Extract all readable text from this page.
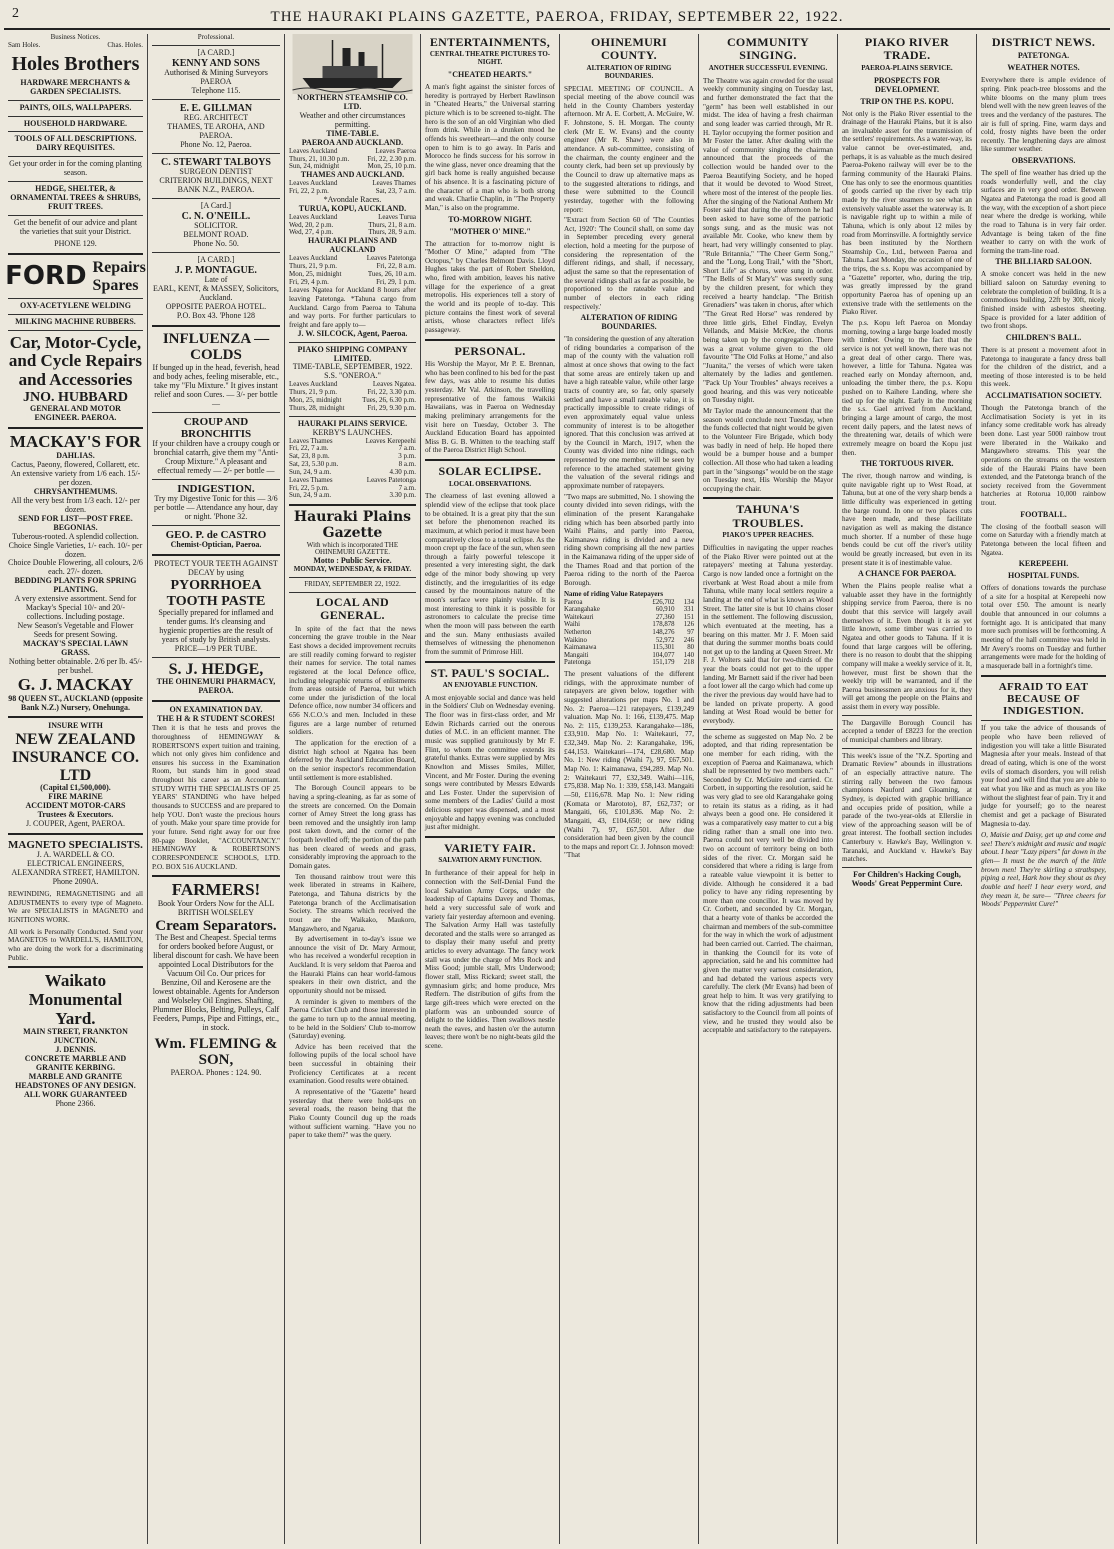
2	THE HAURAKI PLAINS GAZETTE, PAEROA, FRIDAY, SEPTEMBER 22, 1922.
Business Notices.
Sam Holes.	Chas. Holes.
Holes Brothers
HARDWARE MERCHANTS &
GARDEN SPECIALISTS.
PAINTS, OILS, WALLPAPERS.
HOUSEHOLD HARDWARE.
TOOLS OF ALL DESCRIPTIONS. DAIRY REQUISITES.
Get your order in for the coming planting season.
HEDGE, SHELTER, & ORNAMENTAL TREES & SHRUBS, FRUIT TREES.
Get the benefit of our advice and plant the varieties that suit your District.
PHONE 129.
FORD Repairs
Spares
OXY-ACETYLENE WELDING
MILKING MACHINE RUBBERS.
Car, Motor-Cycle, and Cycle Repairs and Accessories
JNO. HUBBARD
GENERAL AND MOTOR ENGINEER. PAEROA.
MACKAY'S FOR
DAHLIAS.
Cactus, Paeony, flowered, Collarett, etc.
An extensive variety from 1/6 each. 15/- per dozen.
CHRYSANTHEMUMS.
All the very best from 1/3 each. 12/- per dozen.
SEND FOR LIST—POST FREE.
BEGONIAS.
Tuberous-rooted. A splendid collection.
Choice Single Varieties, 1/- each. 10/- per dozen.
Choice Double Flowering, all colours, 2/6 each. 27/- dozen.
BEDDING PLANTS FOR SPRING PLANTING.
A very extensive assortment. Send for Mackay's Special 10/- and 20/- collections. Including postage.
New Season's Vegetable and Flower Seeds for present Sowing.
MACKAY'S SPECIAL LAWN GRASS.
Nothing better obtainable. 2/6 per lb. 45/- per bushel.
G. J. MACKAY
98 QUEEN ST., AUCKLAND (opposite Bank N.Z.) Nursery, Onehunga.
INSURE WITH
NEW ZEALAND INSURANCE CO. LTD
(Capital £1,500,000).
FIRE MARINE
ACCIDENT MOTOR-CARS
Trustees & Executors.
J. COUPER, Agent, PAEROA.
MAGNETO SPECIALISTS.
J. A. WARDELL & CO.
ELECTRICAL ENGINEERS, ALEXANDRA STREET, HAMILTON.
Phone 2090A.
REWINDING, REMAGNETISING and all ADJUSTMENTS to every type of Magneto. We are SPECIALISTS in MAGNETO and IGNITIONS WORK.
All work is Personally Conducted. Send your MAGNETOS to WARDELL'S, HAMILTON, who are doing the work for a discriminating Public.
Waikato Monumental Yard.
MAIN STREET, FRANKTON JUNCTION.
J. DENNIS.
CONCRETE MARBLE AND GRANITE KERBING.
MARBLE AND GRANITE HEADSTONES OF ANY DESIGN.
ALL WORK GUARANTEED
Phone 2366.
Professional.
[A CARD.]
KENNY AND SONS
Authorised & Mining Surveyors
PAEROA
Telephone 115.
E. E. GILLMAN
REG. ARCHITECT
THAMES, TE AROHA, AND PAEROA.
Phone No. 12, Paeroa.
C. STEWART TALBOYS
SURGEON DENTIST
CRITERION BUILDINGS, NEXT BANK N.Z., PAEROA.
[A Card.]
C. N. O'NEILL.
SOLICITOR.
BELMONT ROAD.
Phone No. 50.
[A CARD.]
J. P. MONTAGUE.
Late of
EARL, KENT, & MASSEY, Solicitors, Auckland.
OPPOSITE PAEROA HOTEL.
P.O. Box 43. 'Phone 128
INFLUENZA — COLDS
If bunged up in the head, feverish, head and body aches, feeling miserable, etc., take my "Flu Mixture." It gives instant relief and soon Cures. — 3/- per bottle —
CROUP AND BRONCHITIS
If your children have a croupy cough or bronchial catarrh, give them my "Anti-Croup Mixture." A pleasant and effectual remedy — 2/- per bottle —
INDIGESTION.
Try my Digestive Tonic for this — 3/6 per bottle — Attendance any hour, day or night. 'Phone 32.
GEO. P. de CASTRO
Chemist-Optician, Paeroa.
PROTECT YOUR TEETH AGAINST DECAY by using
PYORRHOEA TOOTH PASTE
Specially prepared for inflamed and tender gums. It's cleansing and hygienic properties are the result of years of study by British analysts. PRICE—1/9 PER TUBE.
S. J. HEDGE,
THE OHINEMURI PHARMACY, PAEROA.
ON EXAMINATION DAY.
THE H & R STUDENT SCORES!
Then it is that he tests and proves the thoroughness of HEMINGWAY & ROBERTSON'S expert tuition and training, which not only gives him confidence and ensures his success in the Examination Room, but stands him in good stead throughout his career as an Accountant. STUDY WITH THE SPECIALISTS OF 25 YEARS' STANDING who have helped thousands to SUCCESS and are prepared to help YOU. Don't waste the precious hours of youth. Make your spare time provide for your future. Send right away for our free 80-page Booklet, "ACCOUNTANCY." HEMINGWAY & ROBERTSON'S CORRESPONDENCE SCHOOLS, LTD. P.O. BOX 516 AUCKLAND.
FARMERS!
Book Your Orders Now for the ALL BRITISH WOLSELEY
Cream Separators.
The Best and Cheapest. Special terms for orders booked before August, or liberal discount for cash. We have been appointed Local Distributors for the Vacuum Oil Co. Our prices for Benzine, Oil and Kerosene are the lowest obtainable. Agents for Anderson and Wolseley Oil Engines. Shafting, Plummer Blocks, Belting, Pulleys, Calf Feeders, Pumps, Pipe and Fittings, etc., in stock.
Wm. FLEMING & SON,
PAEROA. Phones : 124. 90.
NORTHERN STEAMSHIP CO. LTD.
Weather and other circumstances permitting.
TIME-TABLE.
PAEROA AND AUCKLAND.
Leaves Auckland	Leaves Paeroa
Thurs, 21, 10.30 p.m.	Fri, 22, 2.30 p.m.
Sun, 24, midnight	Mon, 25, 10 p.m.
THAMES AND AUCKLAND.
Leaves Auckland	Leaves Thames
Fri, 22, 2 p.m.	Sat, 23, 7 a.m.
*Avondale Races.
TURUA, KOPU, AUCKLAND.
Leaves Auckland	Leaves Turua
Wed, 20, 2 p.m.	Thurs, 21, 8 a.m.
Wed, 27, 4 p.m.	Thurs, 28, 9 a.m.
HAURAKI PLAINS AND AUCKLAND
Leaves Auckland	Leaves Patetonga
Thurs, 21, 9 p.m.	Fri, 22, 8 a.m.
Mon, 25, midnight	Tues, 26, 10 a.m.
Fri, 29, 4 p.m.	Fri, 29, 1 p.m.
Leaves Ngatea for Auckland 8 hours after leaving Patetonga. *Tahuna cargo from Auckland. Cargo from Paeroa to Tahuna and way ports. For further particulars to freight and fare apply to—
J. W. SILCOCK, Agent, Paeroa.
PIAKO SHIPPING COMPANY LIMITED.
TIME-TABLE, SEPTEMBER, 1922. S.S. "ONEROA."
Leaves Auckland	Leaves Ngatea.
Thurs, 21, 9 p.m.	Fri, 22, 3.30 p.m.
Mon, 25, midnight	Tues, 26, 6.30 p.m.
Thurs, 28, midnight	Fri, 29, 9.30 p.m.
HAURAKI PLAINS SERVICE.
KERBY'S LAUNCHES.
Leaves Thames	Leaves Kerepeehi
Fri, 22, 7 a.m.	7 a.m.
Sat, 23, 8 p.m.	3 p.m.
Sat, 23, 5.30 p.m.	8 a.m.
Sun, 24, 9 a.m.	4.30 p.m.
Leaves Thames	Leaves Patetonga
Fri, 22, 5 p.m.	7 a.m.
Sun, 24, 9 a.m.	3.30 p.m.
Hauraki Plains Gazette
With which is incorporated THE OHINEMURI GAZETTE.
Motto : Public Service.
MONDAY, WEDNESDAY, & FRIDAY.
FRIDAY, SEPTEMBER 22, 1922.
LOCAL AND GENERAL.

In spite of the fact that the news concerning the grave trouble in the Near East shows a decided improvement recruits are still readily coming forward to register their names for service. The total names registered at the local Defence office, including telegraphic returns of enlistments from areas outside of Paeroa, but which come under the jurisdiction of the local Defence office, now number 34 officers and 656 N.C.O.'s and men. Included in these figures are a large number of returned soldiers.

The application for the erection of a district high school at Ngatea has been deferred by the Auckland Education Board, on the senior inspector's recommendation until settlement is more established.

The Borough Council appears to be having a spring-cleaning, as far as some of the streets are concerned. On the Domain corner of Arney Street the long grass has been removed and the unsightly iron lamp post taken down, and the corner of the footpath levelled off; the portion of the path has been cleared of weeds and grass, considerably improving the approach to the Domain gates.

Ten thousand rainbow trout were this week liberated in streams in Kaihere, Patetonga, and Tahuna districts by the Patetonga branch of the Acclimatisation Society. The streams which received the trout are the Waikako, Maukoro, Mangawhero, and Ngarua.

By advertisement in to-day's issue we announce the visit of Dr. Mary Armour, who has received a wonderful reception in Auckland. It is very seldom that Paeroa and the Hauraki Plains can hear world-famous speakers in their own district, and the opportunity should not be missed.

A reminder is given to members of the Paeroa Cricket Club and those interested in the game to turn up to the annual meeting, to be held in the Soldiers' Club to-morrow (Saturday) evening.

Advice has been received that the following pupils of the local school have been successful in obtaining their Proficiency Certificates at a recent examination. Good results were obtained.

A representative of the "Gazette" heard yesterday that there were hold-ups on several roads, the reason being that the Piako County Council dug up the roads without sufficient warning. "Have you no paper to take them?" was the query.

ENTERTAINMENTS,
CENTRAL THEATRE PICTURES TO-NIGHT.
"CHEATED HEARTS."
A man's fight against the sinister forces of heredity is portrayed by Herbert Rawlinson in "Cheated Hearts," the Universal starring picture which is to be screened to-night. The hero is the son of an old Virginian who died from drink. While in a drunken mood he offends his sweetheart—and the only course open to him is to go away. In Paris and Morocco he finds success for his sorrow in the wine glass, never once dreaming that the girl back home is really anguished because of his absence. It is a fascinating picture of the character of a man who is both strong and weak. Charlie Chaplin, in "The Property Man," is also on the programme.
TO-MORROW NIGHT.
"MOTHER O' MINE."
The attraction for to-morrow night is "Mother O' Mine," adapted from "The Octopus," by Charles Belmont Davis. Lloyd Hughes takes the part of Robert Sheldon, who, fired with ambition, leaves his native village for the experience of a great metropolis. His experiences tell a story of the world and its people of to-day. This picture contains the finest work of several artists, whose characters reflect life's passageway.
PERSONAL.
His Worship the Mayor, Mr P. E. Brennan, who has been confined to his bed for the past few days, was able to resume his duties yesterday. Mr Val. Atkinson, the travelling representative of the famous Waikiki Hawaiians, was in Paeroa on Wednesday making preliminary arrangements for the visit here on Tuesday, October 3. The Auckland Education Board has appointed Miss B. G. B. Whitten to the teaching staff of the Paeroa District High School.
SOLAR ECLIPSE.
LOCAL OBSERVATIONS.
The clearness of last evening allowed a splendid view of the eclipse that took place to be obtained. It is a great pity that the sun set before the phenomenon reached its maximum, at which period it must have been comparatively close to a total eclipse. As the moon crept up the face of the sun, when seen through a fairly powerful telescope it presented a very interesting sight, the dark edge of the minor body showing up very distinctly, and the irregularities of its edge caused by the mountainous nature of the moon's surface were plainly visible. It is most interesting to think it is possible for astronomers to calculate the precise time when the moon will pass between the earth and the sun. Many enthusiasts availed themselves of witnessing the phenomenon from the summit of Primrose Hill.
ST. PAUL'S SOCIAL.
AN ENJOYABLE FUNCTION.
A most enjoyable social and dance was held in the Soldiers' Club on Wednesday evening. The floor was in first-class order, and Mr Edwin Richards carried out the onerous duties of M.C. in an efficient manner. The music was supplied gratuitously by Mr F. Flint, to whom the committee extends its grateful thanks. Extras were supplied by Mrs Knowlton and Misses Smiles, Miller, Vincent, and Mr Foster. During the evening songs were contributed by Messrs Edwards and Les Foster. Under the supervision of some members of the Ladies' Guild a most delicious supper was dispensed, and a most enjoyable and happy evening was concluded just after midnight.
VARIETY FAIR.
SALVATION ARMY FUNCTION.
In furtherance of their appeal for help in connection with the Self-Denial Fund the local Salvation Army Corps, under the leadership of Captains Davey and Thomas, held a very successful sale of work and variety fair yesterday afternoon and evening. The Salvation Army Hall was tastefully decorated and the stalls were so arranged as to display their many useful and pretty articles to every advantage. The fancy work stall was under the charge of Mrs Rock and Miss Good; jumble stall, Mrs Underwood; flower stall, Miss Rickard; sweet stall, the gymnasium girls; and home produce, Mrs Redfern. The distribution of gifts from the large gift-trees which were erected on the platform was an unbounded source of delight to the kiddies. Then swallows nestle neath the eaves, and hasten o'er the autumn leaves; there won't be no night-beats gild the scene.
OHINEMURI COUNTY.
ALTERATION OF RIDING BOUNDARIES.
SPECIAL MEETING OF COUNCIL. A special meeting of the above council was held in the County Chambers yesterday afternoon. Mr A. E. Corbett, A. McGuire, W. F. Johnstone, S. H. Morgan. The county clerk (Mr E. W. Evans) and the county engineer (Mr R. Shaw) were also in attendance. A sub-committee, consisting of the chairman, the county engineer and the county clerk, had been set up previously by the Council to draw up alternative maps as to the suggested alterations to ridings, and these were submitted to the Council yesterday, together with the following report:
"Extract from Section 60 of 'The Counties Act, 1920': 'The Council shall, on some day in September preceding every general election, hold a meeting for the purpose of considering the representation of the different ridings, and shall, if necessary, adjust the same so that the representation of the several ridings shall as far as possible, be proportioned to the rateable value and number of electors in each riding respectively.'
ALTERATION OF RIDING BOUNDARIES.
"In considering the question of any alteration of riding boundaries a comparison of the map of the county with the valuation roll almost at once shows that owing to the fact that some areas are entirely taken up and have a high rateable value, while other large tracts of country are, so far, only sparsely settled and have a small rateable value, it is practically impossible to create ridings of even approximately equal value unless community of interest is to be altogether ignored. That this conclusion was arrived at by the Council in March, 1917, when the County was divided into nine ridings, each represented by one member, will be seen by reference to the attached statement giving the valuation of the several ridings and approximate number of ratepayers.
"Two maps are submitted, No. 1 showing the county divided into seven ridings, with the elimination of the present Karangahake riding which has been absorbed partly into Waihi Plains, and partly into Paeroa, Kaimanawa riding is divided and a new riding shown comprising all the new parties in the Kaimanawa riding of the upper side of the Thames Road and that portion of the Paeroa riding to the north of the Paeroa Borough.
Name of riding Value Ratepayers
Paeroa	£26,702	134
Karangahake	60,910	331
Waitekauri	27,360	151
Waihi	178,878	126
Netherton	148,276	97
Waikino	52,972	246
Kaimanawa	115,301	80
Mangaiti	104,077	140
Patetonga	151,179	218
The present valuations of the different ridings, with the approximate number of ratepayers are given below, together with suggested alterations per maps No. 1 and No. 2: Paeroa—121 ratepayers, £139,249 valuation. Map No. 1: 166, £139,475. Map No. 2: 115, £139,253. Karangahake—186, £33,910. Map No. 1: Waitekauri, 77, £32,349. Map No. 2: Karangahake, 196, £44,153. Waitekauri—174, £28,680. Map No. 1: New riding (Waihi 7), 97, £67,501. Map No. 1: Kaimanawa, £94,289. Map No. 2: Waitekauri 77, £32,349. Waihi—116, £75,838. Map No. 1: 339, £58,143. Mangaiti—50, £116,678. Map No. 1: New riding (Komata or Marototo), 87, £62,737; or Mangaiti, 66, £101,836. Map No. 2: Mangaiti, 43, £104,650; or new riding (Waihi 7), 97, £67,501. After due consideration had been given by the council to the maps and report Cr. J. Johnson moved: "That
COMMUNITY SINGING.
ANOTHER SUCCESSFUL EVENING.
The Theatre was again crowded for the usual weekly community singing on Tuesday last, and further demonstrated the fact that the "germ" has been well established in our midst. The idea of having a fresh chairman and song leader was carried through, Mr R. H. Taylor occupying the former position and Mr Foster the latter. After dealing with the value of community singing the chairman announced that the proceeds of the collection would be handed over to the Paeroa Beautifying Society, and he hoped that it would be devoted to Wood Street, where most of the interest of the people lies. After the singing of the National Anthem Mr Foster said that during the afternoon he had been asked to have some of the patriotic songs sung, and as the music was not available Mr. Cooke, who knew them by heart, had very willingly consented to play. "Rule Britannia," "The Cheer Germ Song," and the "Long, Long Trail," with the "Short, Short Life" as chorus, were sung in order. "The Bells of St Mary's" was sweetly sung by the children present, for which they received a hearty handclap. "The British Grenadiers" was taken in chorus, after which "The Great Red Horse" was rendered by three little girls, Ethel Findlay, Evelyn Vellands, and Maisie McKee, the chorus being taken up by the congregation. There was a great volume given to the old favourite "The Old Folks at Home," and also "Juanita," the verses of which were taken alternately by the ladies and gentlemen. "Pack Up Your Troubles" always receives a good hearing, and this was very noticeable on Tuesday night.
Mr Taylor made the announcement that the season would conclude next Tuesday, when the funds collected that night would be given to the Volunteer Fire Brigade, which body was badly in need of help. He hoped there would be a bumper house and a bumper collection. All those who had taken a leading part in the "singsongs" would be on the stage on Tuesday next, His Worship the Mayor occupying the chair.
TAHUNA'S TROUBLES.
PIAKO'S UPPER REACHES.
Difficulties in navigating the upper reaches of the Piako River were pointed out at the ratepayers' meeting at Tahuna yesterday. Cargo is now landed once a fortnight on the riverbank at West Road about a mile from Tahuna, while many local settlers require a landing at the end of what is known as Wood Street. The latter site is but 10 chains closer in the settlement. The following discussion, which eventuated at the meeting, has a bearing on this matter. Mr J. F. Moen said that during the summer months boats could not get up to the landing at Queen Street. Mr F. J. Wolters said that for two-thirds of the year the boats could not get to the upper landing. Mr Barnett said if the river had been a foot lower all the cargo which had come up the river the previous day would have had to be landed on private property. A good landing at West Road would be better for everybody.
the scheme as suggested on Map No. 2 be adopted, and that riding representation be one member for each riding, with the exception of Paeroa and Kaimanawa, which shall be represented by two members each." Seconded by Cr. McGuire and carried. Cr. Corbett, in supporting the resolution, said he was very glad to see old Karangahake going to retain its status as a riding, as it had always been a good one. He considered it was a comparatively easy matter to cut a big riding rather than a small one into two. Paeroa could not very well be divided into two on account of territory being on both sides of the river. Cr. Morgan said he considered that where a riding is large from a rateable value viewpoint it is better to divide. Although he considered it a bad policy to have any riding representing by more than one councillor. It was moved by Cr. Corbett, and seconded by Cr. Morgan, that a hearty vote of thanks be accorded the chairman and members of the sub-committee for the way in which the work of adjustment had been carried out. Carried. The chairman, in thanking the Council for its vote of appreciation, said he and his committee had given the matter very earnest consideration, and had debated the various aspects very carefully. The clerk (Mr Evans) had been of great help to him. It was very gratifying to know that the riding adjustments had been satisfactory to the Council from all points of view, and he trusted they would also be acceptable and satisfactory to the ratepayers.
PIAKO RIVER TRADE.
PAEROA-PLAINS SERVICE.
PROSPECTS FOR DEVELOPMENT.
TRIP ON THE P.S. KOPU.
Not only is the Piako River essential to the drainage of the Hauraki Plains, but it is also an invaluable asset for the transmission of the settlers' requirements. As a water-way, its value cannot be over-estimated, and, perhaps, it is as valuable as the much desired Paeroa-Pokeno railway will ever be to the farming community of the Hauraki Plains. One has only to see the enormous quantities of goods carried up the river by each trip made by the river steamers to see what an extensively valuable asset the waterway is. It is navigable right up to within a mile of Tahuna, which is only about 12 miles by road from Morrinsville. A fortnightly service has been instituted by the Northern Steamship Co., Ltd., between Paeroa and Tahuna. Last Monday, the occasion of one of the trips, the s.s. Kopu was accompanied by a "Gazette" reporter, who, during the trip, was greatly impressed by the grand opportunity Paeroa has of opening up an extensive trade with the settlements on the Piako River.
The p.s. Kopu left Paeroa on Monday morning, towing a large barge loaded mostly with timber. Owing to the fact that the service is not yet well known, there was not a great deal of other cargo. There was, however, a little for Tahuna. Ngatea was reached early on Monday afternoon, and, unloading the timber there, the p.s. Kopu pushed on to Kaihere Landing, where she tied up for the night. Early in the morning the s.s. Gael arrived from Auckland, bringing a large amount of cargo, the most recent daily papers, and the latest news of the threatening war, details of which were extremely meagre on board the Kopu just then.
THE TORTUOUS RIVER.
The river, though narrow and winding, is quite navigable right up to West Road, at Tahuna, but at one of the very sharp bends a little difficulty was experienced in getting the barge round. In one or two places cuts have been made, and these facilitate navigation as well as making the distance much shorter. If a number of these huge bends could be cut off the river's utility would be greatly increased, but even in its present state it is of inestimable value.
A CHANCE FOR PAEROA.
When the Plains people realise what a valuable asset they have in the fortnightly shipping service from Paeroa, there is no doubt that this service will largely avail themselves of it. Even though it is as yet little known, some timber was carried to Ngatea and other goods to Tahuna. If it is found that large cargoes will be offering, there is no reason to doubt that the shipping company will make a weekly service of it. It, however, must first be shown that the weekly trip will be warranted, and if the Paeroa businessmen are anxious for it, they will get among the people on the Plains and assist them in every way possible.
The Dargaville Borough Council has accepted a tender of £8223 for the erection of municipal chambers and library.
This week's issue of the "N.Z. Sporting and Dramatic Review" abounds in illustrations of an especially attractive nature. The stirring rally between the two famous champions Nauford and Gloaming, at Sydney, is depicted with graphic brilliance and occupies pride of position, while a parade of the two-year-olds at Ellerslie in view of the approaching season will be of great interest. The football section includes Canterbury v. Hawke's Bay, Wellington v. Taranaki, and Auckland v. Hawke's Bay matches.
For Children's Hacking Cough, Woods' Great Peppermint Cure.
DISTRICT NEWS.
PATETONGA.
WEATHER NOTES.
Everywhere there is ample evidence of spring. Pink peach-tree blossoms and the white blooms on the many plum trees blend well with the new green leaves of the trees and the verdancy of the pastures. The air is full of spring. Fine, warm days and cold, frosty nights have been the order recently. The lengthening days are almost like summer weather.
OBSERVATIONS.
The spell of fine weather has dried up the roads wonderfully well, and the clay surfaces are in very good order. Between Ngatea and Patetonga the road is good all the way, with the exception of a short piece near where the dredge is working, while the road to Tahuna is in very fair order. Advantage is being taken of the fine weather to carry on with the work of forming the tram-line road.
THE BILLIARD SALOON.
A smoke concert was held in the new billiard saloon on Saturday evening to celebrate the completion of building. It is a commodious building, 22ft by 30ft, nicely finished inside with asbestos sheeting. Space is provided for a later addition of two front shops.
CHILDREN'S BALL.
There is at present a movement afoot in Patetonga to inaugurate a fancy dress ball for the children of the district, and a meeting of those interested is to be held this week.
ACCLIMATISATION SOCIETY.
Though the Patetonga branch of the Acclimatisation Society is yet in its infancy some creditable work has already been done. Last year 5000 rainbow trout were liberated in the Waikako and Mangawhero streams. This year the operations on the streams on the western side of the Hauraki Plains have been extended, and the Patetonga branch of the society received from the Government hatcheries at Rotorua 10,000 rainbow trout.
FOOTBALL.
The closing of the football season will come on Saturday with a friendly match at Patetonga between the local fifteen and Ngatea.
KEREPEEHI.
HOSPITAL FUNDS.
Offers of donations towards the purchase of a site for a hospital at Kerepeehi now total over £50. The amount is nearly double that announced in our columns a fortnight ago. It is anticipated that many more such promises will be forthcoming. A meeting of the hall committee was held in Mr Avery's rooms on Tuesday and further arrangements were made for the holding of a masquerade ball in a fortnight's time.
AFRAID TO EAT BECAUSE OF INDIGESTION.
If you take the advice of thousands of people who have been relieved of indigestion you will take a little Bisurated Magnesia after your meals. Instead of that dread of eating, which is one of the worst evils of stomach disorders, you will relish your food and will find that you are able to eat what you like and as much as you like without the slightest fear of pain. Try it and judge for yourself; go to the nearest chemist and get a package of Bisurated Magnesia to-day.
O, Maisie and Daisy, get up and come and see! There's midnight and music and magic about. I hear "Lazy pipers" far down in the glen— It must be the march of the little brown men! They're skirling a strathspey, piping a reel, Hark how they shout as they double and heel! I hear every word, and they mean it, be sure— "Three cheers for Woods' Peppermint Cure!"
